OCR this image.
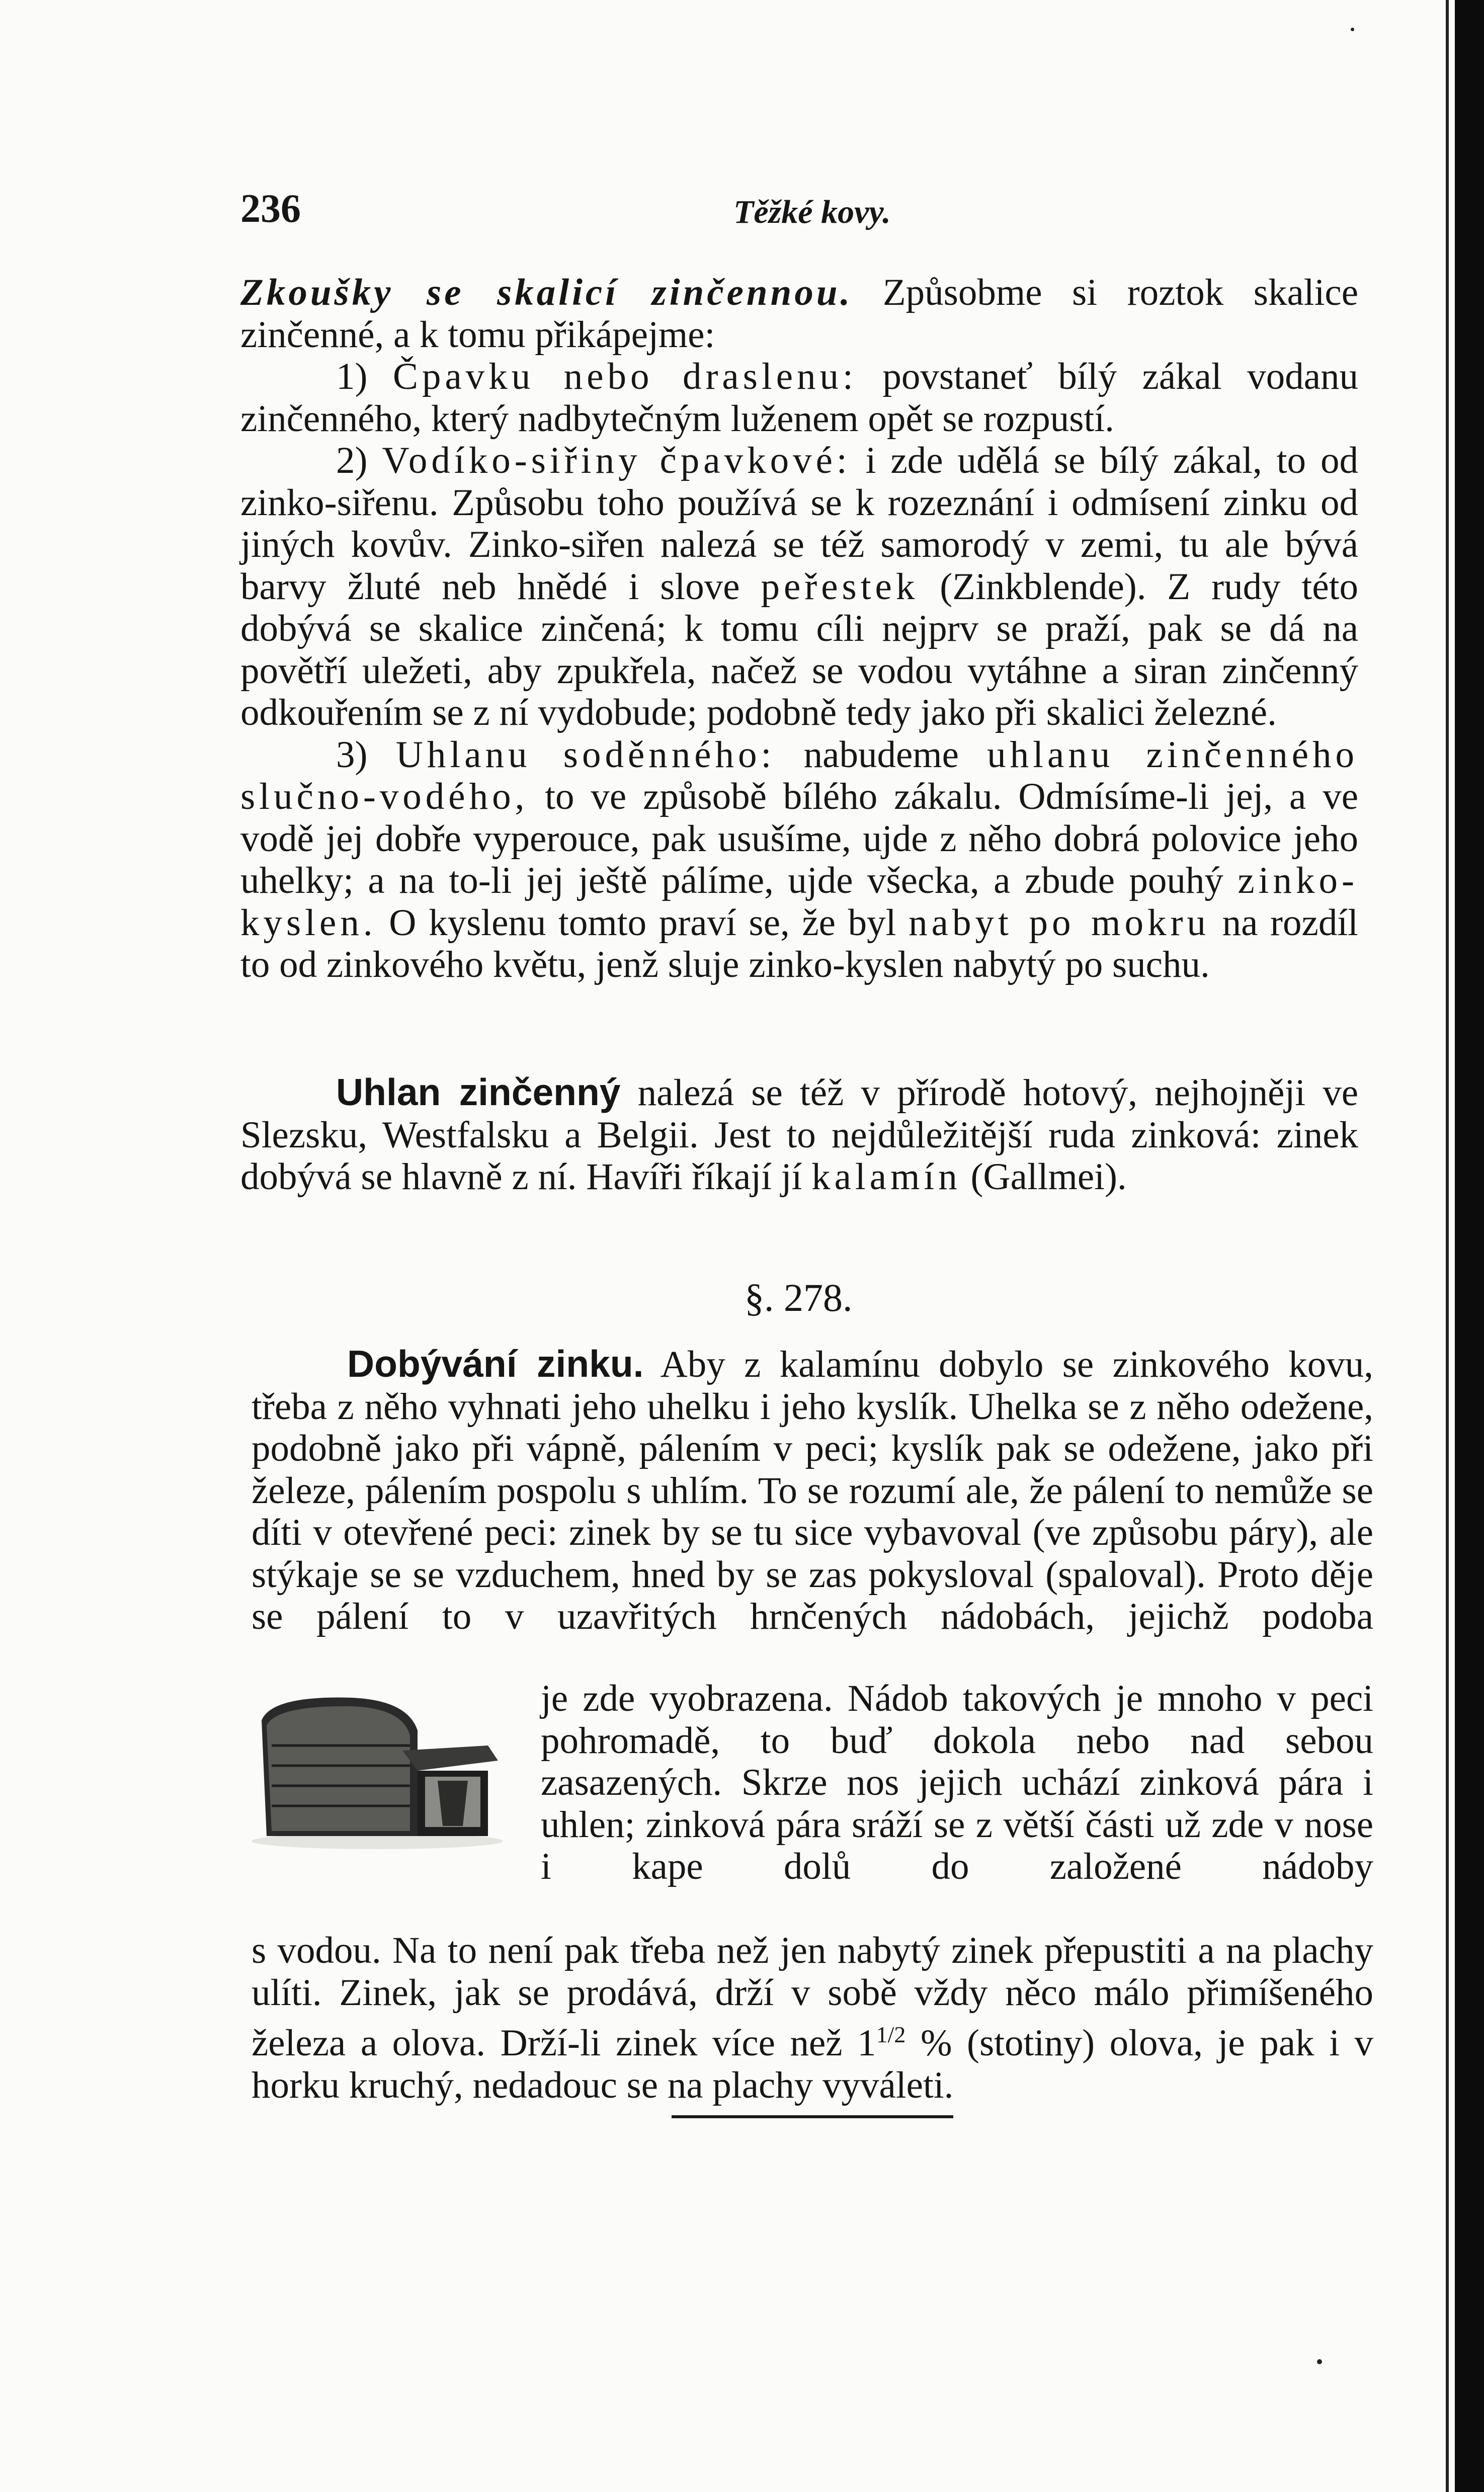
236	Těžké kovy.

Zkoušky se skalicí zinčennou. Způsobme si roztok skalice zinčenné, a k tomu přikápejme:

1) Čpavku nebo draslenu: povstaneť bílý zákal vodanu zinčenného, který nadbytečným luženem opět se rozpustí.

2) Vodíko-siřiny čpavkové: i zde udělá se bílý zákal, to od zinko-siřenu. Způsobu toho používá se k rozeznání i odmísení zinku od jiných kovův. Zinko-siřen nalezá se též samorodý v zemi, tu ale bývá barvy žluté neb hnědé i slove peřestek (Zinkblende). Z rudy této dobývá se skalice zinčená; k tomu cíli nejprv se praží, pak se dá na povětří uležeti, aby zpukřela, načež se vodou vytáhne a siran zinčenný odkouřením se z ní vydobude; podobně tedy jako při skalici železné.

3) Uhlanu soděnného: nabudeme uhlanu zinčenného slučno-vodého, to ve způsobě bílého zákalu. Odmísíme-li jej, a ve vodě jej dobře vyperouce, pak usušíme, ujde z něho dobrá polovice jeho uhelky; a na to-li jej ještě pálíme, ujde všecka, a zbude pouhý zinko-kyslen. O kyslenu tomto praví se, že byl nabyt po mokru na rozdíl to od zinkového květu, jenž sluje zinko-kyslen nabytý po suchu.

Uhlan zinčenný nalezá se též v přírodě hotový, nejhojněji ve Slezsku, Westfalsku a Belgii. Jest to nejdůležitější ruda zinková: zinek dobývá se hlavně z ní. Havíři říkají jí kalamín (Gallmei).

§. 278.

Dobývání zinku. Aby z kalamínu dobylo se zinkového kovu, třeba z něho vyhnati jeho uhelku i jeho kyslík. Uhelka se z něho odežene, podobně jako při vápně, pálením v peci; kyslík pak se odežene, jako při železe, pálením pospolu s uhlím. To se rozumí ale, že pálení to nemůže se díti v otevřené peci: zinek by se tu sice vybavoval (ve způsobu páry), ale stýkaje se se vzduchem, hned by se zas pokysloval (spaloval). Proto děje se pálení to v uzavřitých hrnčených nádobách, jejichž podoba

je zde vyobrazena. Nádob takových je mnoho v peci pohromadě, to buď dokola nebo nad sebou zasazených. Skrze nos jejich uchází zinková pára i uhlen; zinková pára sráží se z větší části už zde v nose i kape dolů do založené nádoby

s vodou. Na to není pak třeba než jen nabytý zinek přepustiti a na plachy ulíti. Zinek, jak se prodává, drží v sobě vždy něco málo přimíšeného železa a olova. Drží-li zinek více než $1^{1/2}$ % (stotiny) olova, je pak i v horku kruchý, nedadouc se na plachy vyváleti.
